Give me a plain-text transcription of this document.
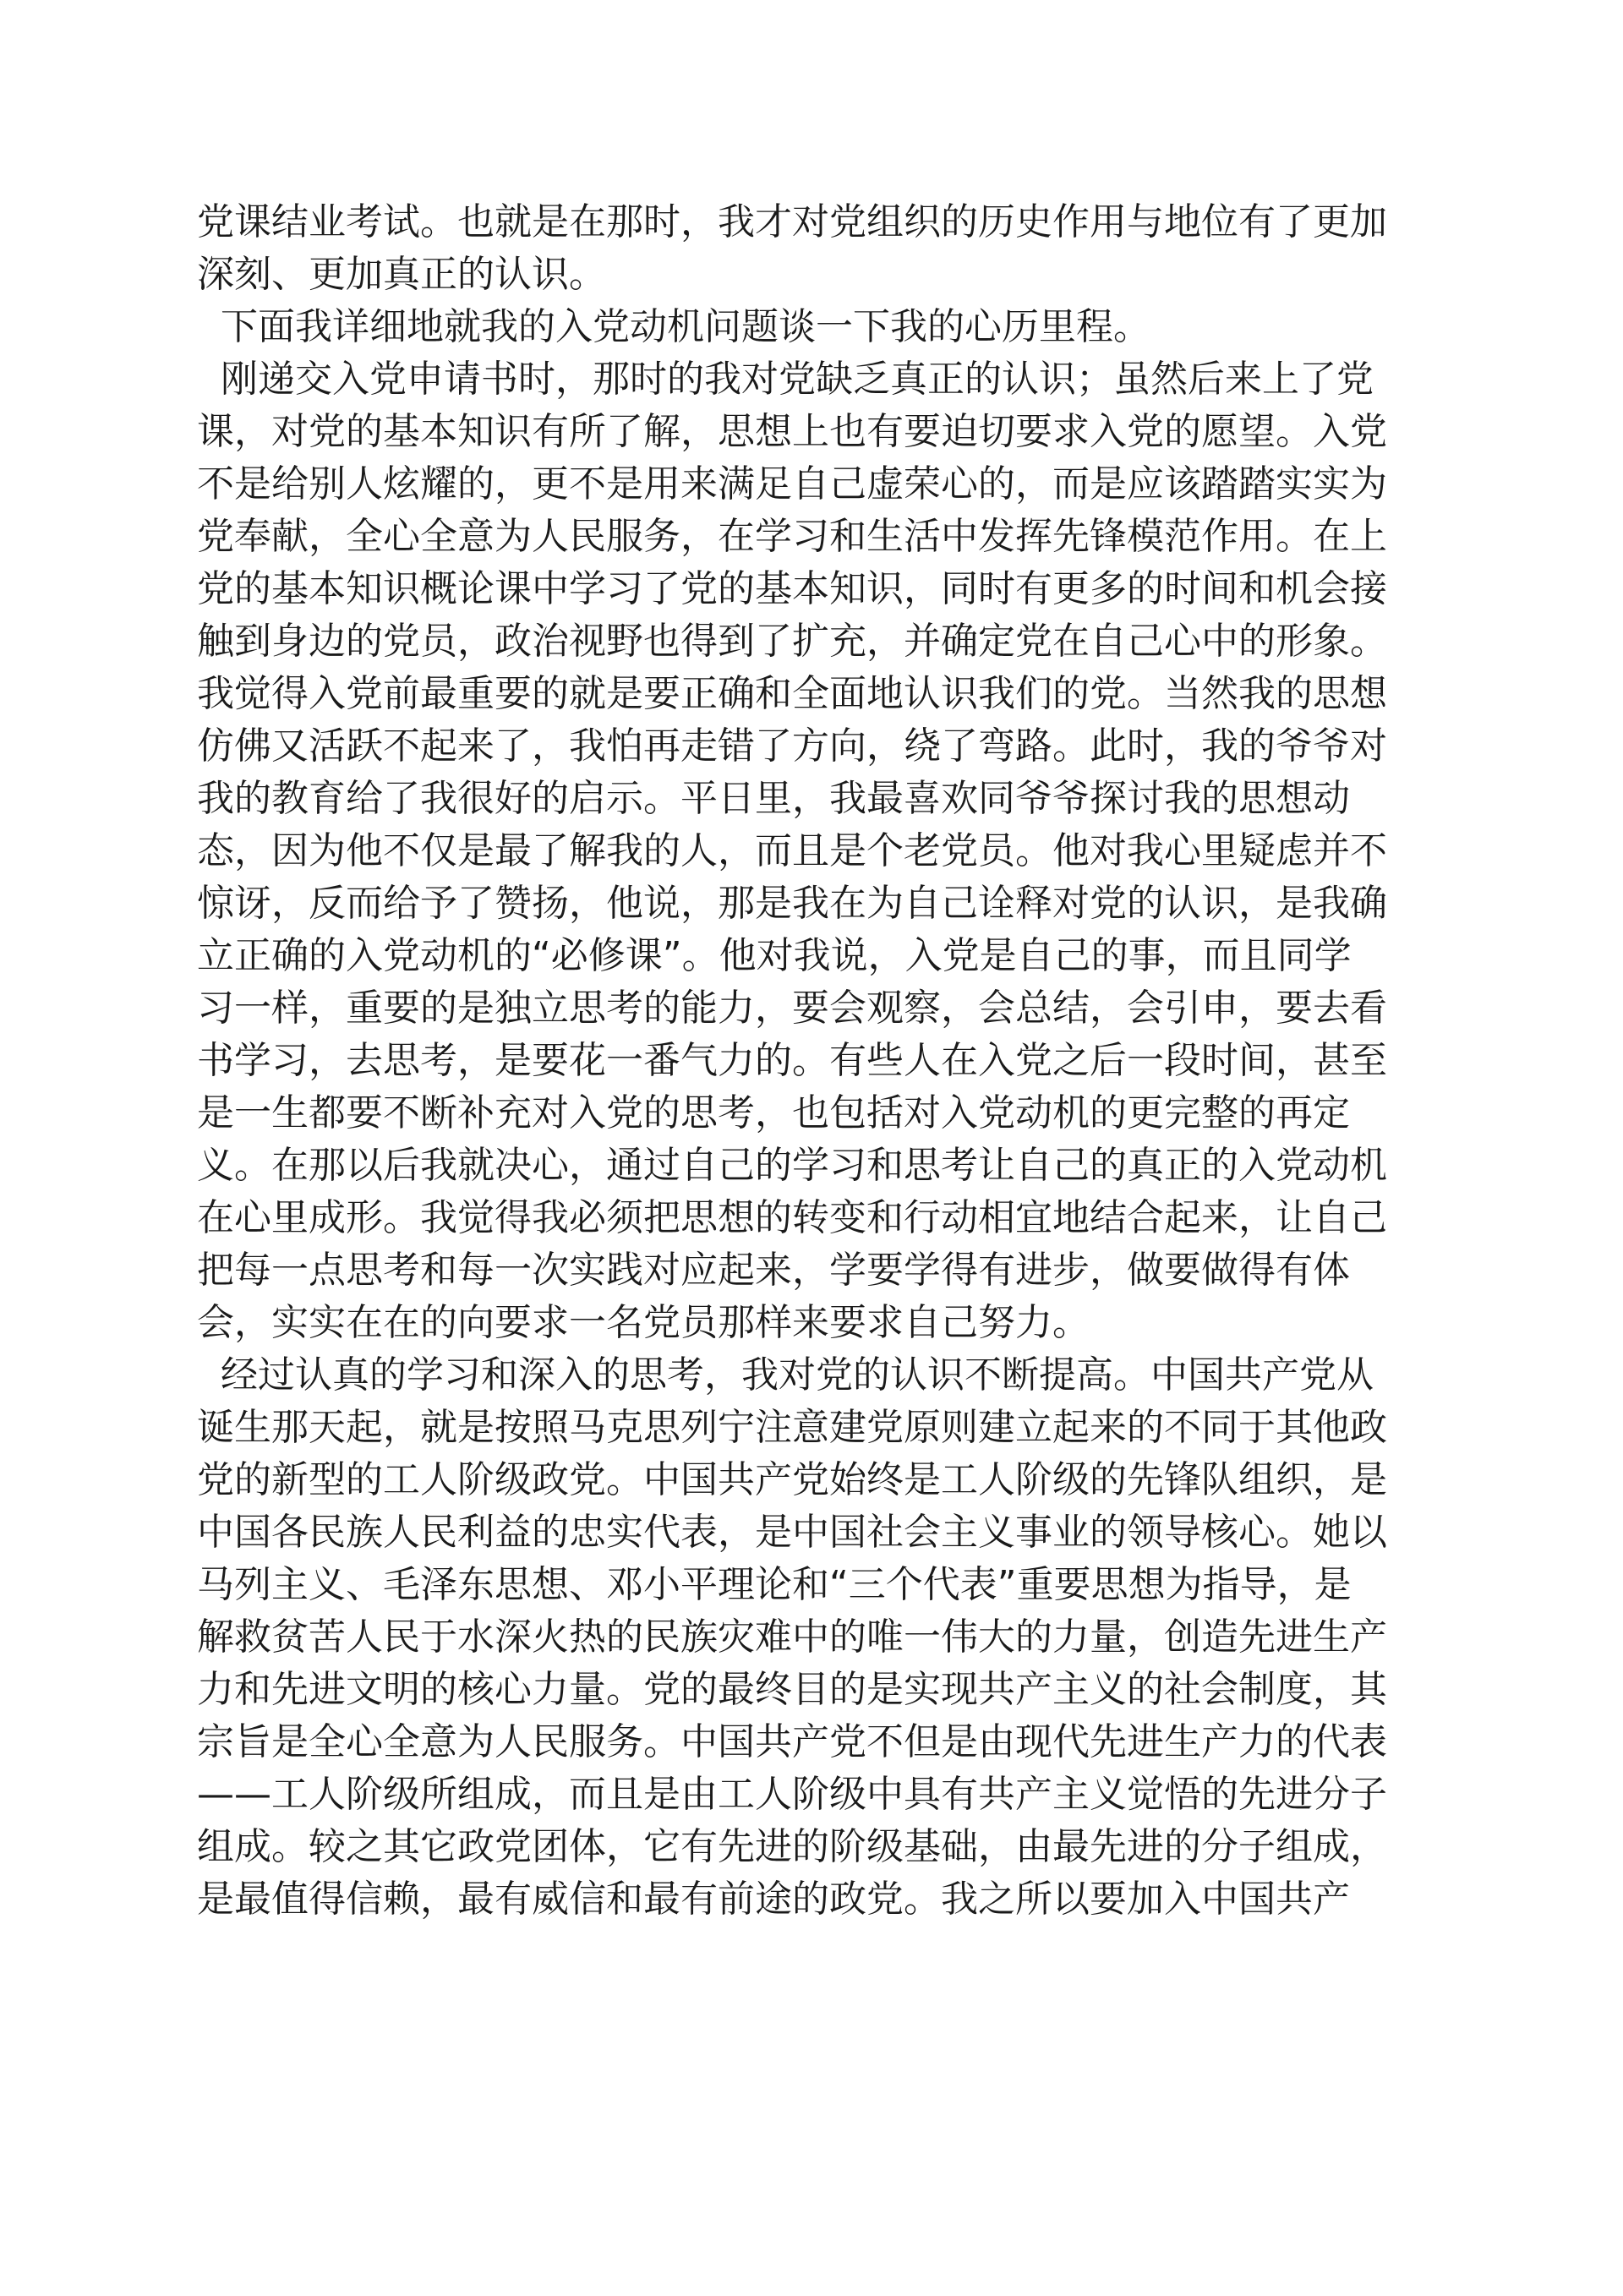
党课结业考试。也就是在那时，我才对党组织的历史作用与地位有了更加
深刻、更加真正的认识。
下面我详细地就我的入党动机问题谈一下我的心历里程。
刚递交入党申请书时，那时的我对党缺乏真正的认识；虽然后来上了党
课，对党的基本知识有所了解，思想上也有要迫切要求入党的愿望。入党
不是给别人炫耀的，更不是用来满足自己虚荣心的，而是应该踏踏实实为
党奉献，全心全意为人民服务，在学习和生活中发挥先锋模范作用。在上
党的基本知识概论课中学习了党的基本知识，同时有更多的时间和机会接
触到身边的党员，政治视野也得到了扩充，并确定党在自己心中的形象。
我觉得入党前最重要的就是要正确和全面地认识我们的党。当然我的思想
仿佛又活跃不起来了，我怕再走错了方向，绕了弯路。此时，我的爷爷对
我的教育给了我很好的启示。平日里，我最喜欢同爷爷探讨我的思想动
态，因为他不仅是最了解我的人，而且是个老党员。他对我心里疑虑并不
惊讶，反而给予了赞扬，他说，那是我在为自己诠释对党的认识，是我确
立正确的入党动机的“必修课”。他对我说，入党是自己的事，而且同学
习一样，重要的是独立思考的能力，要会观察，会总结，会引申，要去看
书学习，去思考，是要花一番气力的。有些人在入党之后一段时间，甚至
是一生都要不断补充对入党的思考，也包括对入党动机的更完整的再定
义。在那以后我就决心，通过自己的学习和思考让自己的真正的入党动机
在心里成形。我觉得我必须把思想的转变和行动相宜地结合起来，让自己
把每一点思考和每一次实践对应起来，学要学得有进步，做要做得有体
会，实实在在的向要求一名党员那样来要求自己努力。
经过认真的学习和深入的思考，我对党的认识不断提高。中国共产党从
诞生那天起，就是按照马克思列宁注意建党原则建立起来的不同于其他政
党的新型的工人阶级政党。中国共产党始终是工人阶级的先锋队组织，是
中国各民族人民利益的忠实代表，是中国社会主义事业的领导核心。她以
马列主义、毛泽东思想、邓小平理论和“三个代表”重要思想为指导，是
解救贫苦人民于水深火热的民族灾难中的唯一伟大的力量，创造先进生产
力和先进文明的核心力量。党的最终目的是实现共产主义的社会制度，其
宗旨是全心全意为人民服务。中国共产党不但是由现代先进生产力的代表
——工人阶级所组成，而且是由工人阶级中具有共产主义觉悟的先进分子
组成。较之其它政党团体，它有先进的阶级基础，由最先进的分子组成，
是最值得信赖，最有威信和最有前途的政党。我之所以要加入中国共产
